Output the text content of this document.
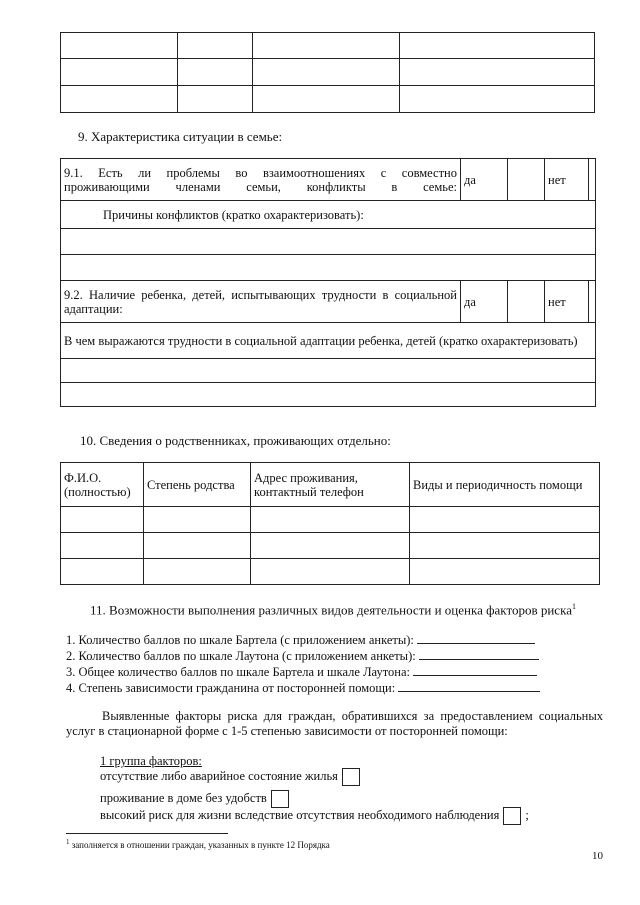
9. Характеристика ситуации в семье:
9.1. Есть ли проблемы во взаимоотношениях с совместно проживающими членами семьи, конфликты в семье:	да		нет	
Причины конфликтов (кратко охарактеризовать):				

9.2. Наличие ребенка, детей, испытывающих трудности в социальной адаптации:	да		нет	
В чем выражаются трудности в социальной адаптации ребенка, детей (кратко охарактеризовать)				

10. Сведения о родственниках, проживающих отдельно:
Ф.И.О. (полностью)	Степень родства	Адрес проживания, контактный телефон	Виды и периодичность помощи

11. Возможности выполнения различных видов деятельности и оценка факторов риска$^1$
1. Количество баллов по шкале Бартела (с приложением анкеты):
2. Количество баллов по шкале Лаутона (с приложением анкеты):
3. Общее количество баллов по шкале Бартела и шкале Лаутона:
4. Степень зависимости гражданина от посторонней помощи:
Выявленные факторы риска для граждан, обратившихся за предоставлением социальных услуг в стационарной форме с 1-5 степенью зависимости от посторонней помощи:
1 группа факторов:
отсутствие либо аварийное состояние жилья
проживание в доме без удобств
высокий риск для жизни вследствие отсутствия необходимого наблюдения ;
$^1$ заполняется в отношении граждан, указанных в пункте 12 Порядка
10
